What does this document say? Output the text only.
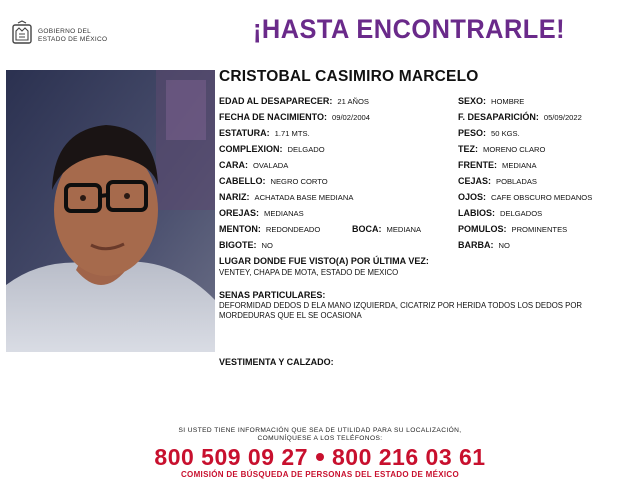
GOBIERNO DEL
ESTADO DE MÉXICO	¡HASTA ENCONTRARLE!
CRISTOBAL CASIMIRO MARCELO
EDAD AL DESAPARECER: 21 AÑOS
FECHA DE NACIMIENTO: 09/02/2004
ESTATURA: 1.71 MTS.
COMPLEXION: DELGADO
CARA: OVALADA
CABELLO: NEGRO CORTO
NARIZ: ACHATADA BASE MEDIANA
OREJAS: MEDIANAS
MENTON: REDONDEADO	BOCA: MEDIANA
BIGOTE: NO
SEXO: HOMBRE
F. DESAPARICIÓN: 05/09/2022
PESO: 50 KGS.
TEZ: MORENO CLARO
FRENTE: MEDIANA
CEJAS: POBLADAS
OJOS: CAFE OBSCURO MEDANOS
LABIOS: DELGADOS
POMULOS: PROMINENTES
BARBA: NO
LUGAR DONDE FUE VISTO(A) POR ÚLTIMA VEZ:
VENTEY, CHAPA DE MOTA, ESTADO DE MEXICO
SENAS PARTICULARES:
DEFORMIDAD DEDOS D ELA MANO IZQUIERDA, CICATRIZ POR HERIDA TODOS LOS DEDOS POR MORDEDURAS QUE EL SE OCASIONA
VESTIMENTA Y CALZADO:
SI USTED TIENE INFORMACIÓN QUE SEA DE UTILIDAD PARA SU LOCALIZACIÓN,
COMUNÍQUESE A LOS TELÉFONOS:
800 509 09 27 800 216 03 61
COMISIÓN DE BÚSQUEDA DE PERSONAS DEL ESTADO DE MÉXICO
